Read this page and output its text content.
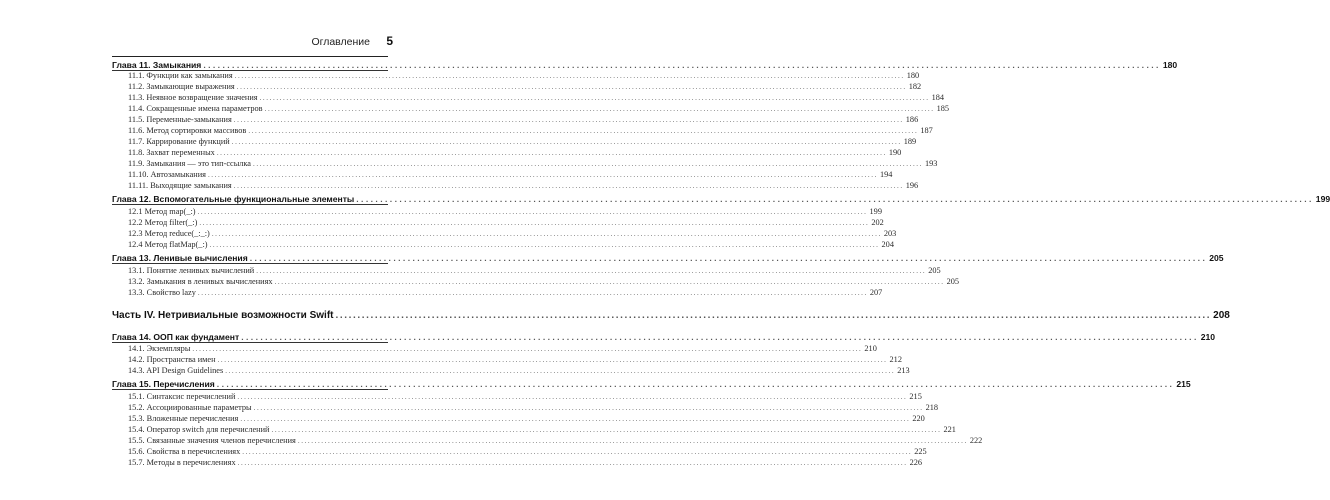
Оглавление 5
Глава 11. Замыкания ........................................................................................................................................................................................................ 180
11.1. Функции как замыкания ........................................................................................................................................................................................................ 180
11.2. Замыкающие выражения ........................................................................................................................................................................................................ 182
11.3. Неявное возвращение значения ........................................................................................................................................................................................................ 184
11.4. Сокращенные имена параметров ........................................................................................................................................................................................................ 185
11.5. Переменные-замыкания ........................................................................................................................................................................................................ 186
11.6. Метод сортировки массивов ........................................................................................................................................................................................................ 187
11.7. Каррирование функций ........................................................................................................................................................................................................ 189
11.8. Захват переменных ........................................................................................................................................................................................................ 190
11.9. Замыкания — это тип-ссылка ........................................................................................................................................................................................................ 193
11.10. Автозамыкания ........................................................................................................................................................................................................ 194
11.11. Выходящие замыкания ........................................................................................................................................................................................................ 196
Глава 12. Вспомогательные функциональные элементы ........................................................................................................................................................................................................ 199
12.1 Метод map(_:) ........................................................................................................................................................................................................ 199
12.2 Метод filter(_:) ........................................................................................................................................................................................................ 202
12.3 Метод reduce(_:_:) ........................................................................................................................................................................................................ 203
12.4 Метод flatMap(_:) ........................................................................................................................................................................................................ 204
Глава 13. Ленивые вычисления ........................................................................................................................................................................................................ 205
13.1. Понятие ленивых вычислений ........................................................................................................................................................................................................ 205
13.2. Замыкания в ленивых вычислениях ........................................................................................................................................................................................................ 205
13.3. Свойство lazy ........................................................................................................................................................................................................ 207
Часть IV. Нетривиальные возможности Swift ........................................................................................................................................................................................................ 208
Глава 14. ООП как фундамент ........................................................................................................................................................................................................ 210
14.1. Экземпляры ........................................................................................................................................................................................................ 210
14.2. Пространства имен ........................................................................................................................................................................................................ 212
14.3. API Design Guidelines ........................................................................................................................................................................................................ 213
Глава 15. Перечисления ........................................................................................................................................................................................................ 215
15.1. Синтаксис перечислений ........................................................................................................................................................................................................ 215
15.2. Ассоциированные параметры ........................................................................................................................................................................................................ 218
15.3. Вложенные перечисления ........................................................................................................................................................................................................ 220
15.4. Оператор switch для перечислений ........................................................................................................................................................................................................ 221
15.5. Связанные значения членов перечисления ........................................................................................................................................................................................................ 222
15.6. Свойства в перечислениях ........................................................................................................................................................................................................ 225
15.7. Методы в перечислениях ........................................................................................................................................................................................................ 226
